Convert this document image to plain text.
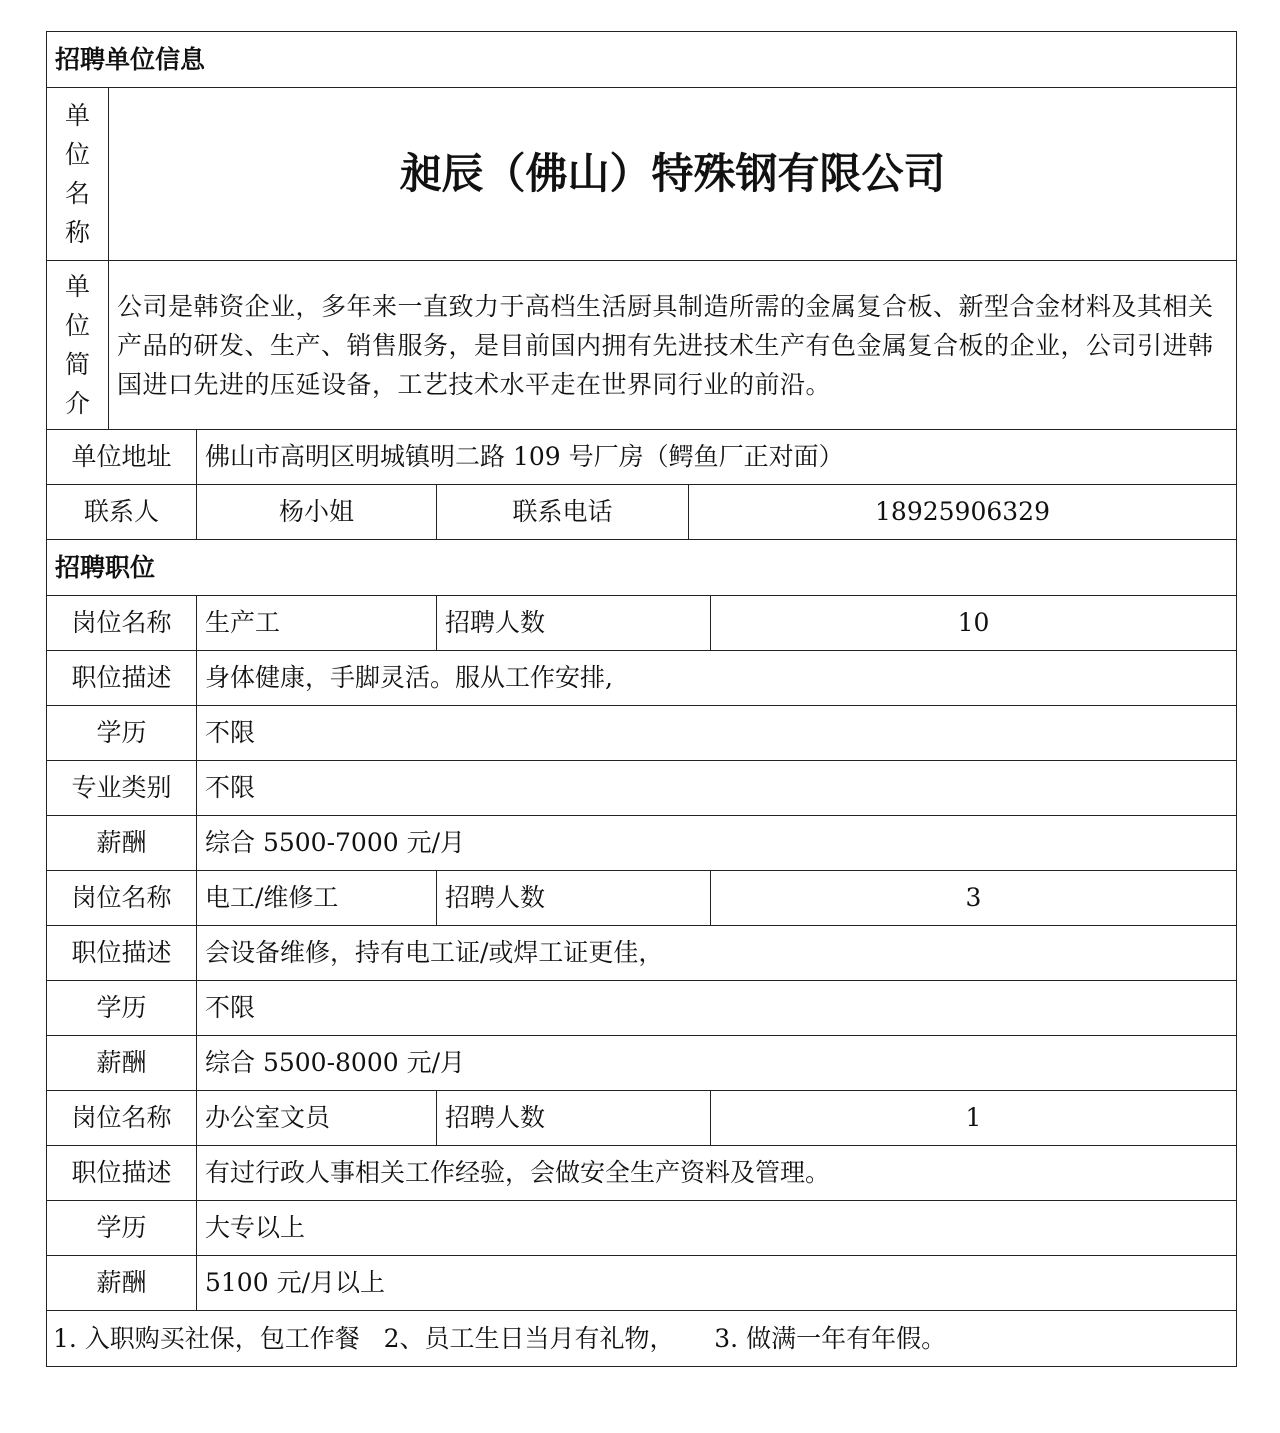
招聘单位信息					

单
位
名
称	昶辰（佛山）特殊钢有限公司				

单
位
简
介	公司是韩资企业，多年来一直致力于高档生活厨具制造所需的金属复合板、新型合金材料及其相关产品的研发、生产、销售服务，是目前国内拥有先进技术生产有色金属复合板的企业，公司引进韩国进口先进的压延设备，工艺技术水平走在世界同行业的前沿。				
单位地址		佛山市高明区明城镇明二路 109 号厂房（鳄鱼厂正对面）			
联系人		杨小姐	联系电话	18925906329	
招聘职位					
岗位名称		生产工	招聘人数		10
职位描述		身体健康，手脚灵活。服从工作安排,			
学历		不限			
专业类别		不限			
薪酬		综合 5500-7000 元/月			
岗位名称		电工/维修工	招聘人数		3
职位描述		会设备维修，持有电工证/或焊工证更佳，			
学历		不限			
薪酬		综合 5500-8000 元/月			
岗位名称		办公室文员	招聘人数		1
职位描述		有过行政人事相关工作经验，会做安全生产资料及管理。			
学历		大专以上			
薪酬		5100 元/月以上			
1. 入职购买社保，包工作餐   2、员工生日当月有礼物，     3. 做满一年有年假。					
